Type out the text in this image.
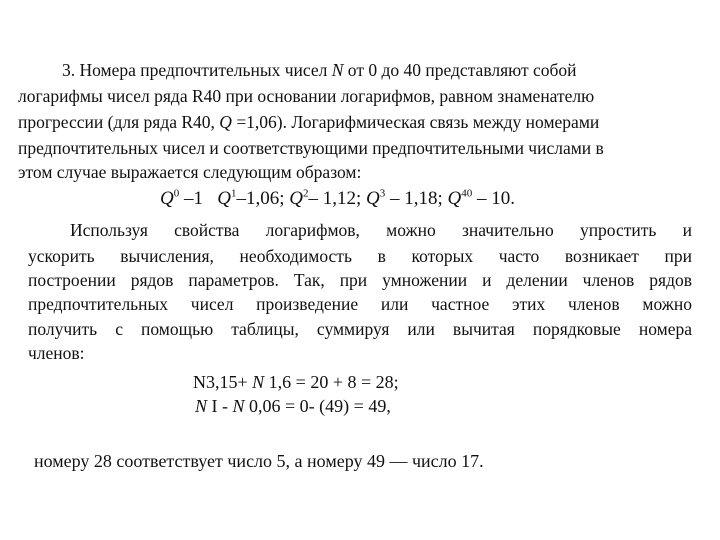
3. Номера предпочтительных чисел N от 0 до 40 представляют собой
логарифмы чисел ряда R40 при основании логарифмов, равном знаменателю
прогрессии (для ряда R40, Q =1,06). Логарифмическая связь между номерами
предпочтительных чисел и соответствующими предпочтительными числами в
этом случае выражается следующим образом:
$Q^0$ –1 $Q^1-1,06$; $Q^2-$ 1,12; $Q^3 - 1,18$; $Q^{40} - 10$.
Используя свойства логарифмов, можно значительно упростить и
ускорить вычисления, необходимость в которых часто возникает при
построении рядов параметров. Так, при умножении и делении членов рядов
предпочтительных чисел произведение или частное этих членов можно
получить с помощью таблицы, суммируя или вычитая порядковые номера
членов:
N3,15+ N 1,6 = 20 + 8 = 28;
N I - N 0,06 = 0- (49) = 49,
номеру 28 соответствует число 5, а номеру 49 — число 17.
